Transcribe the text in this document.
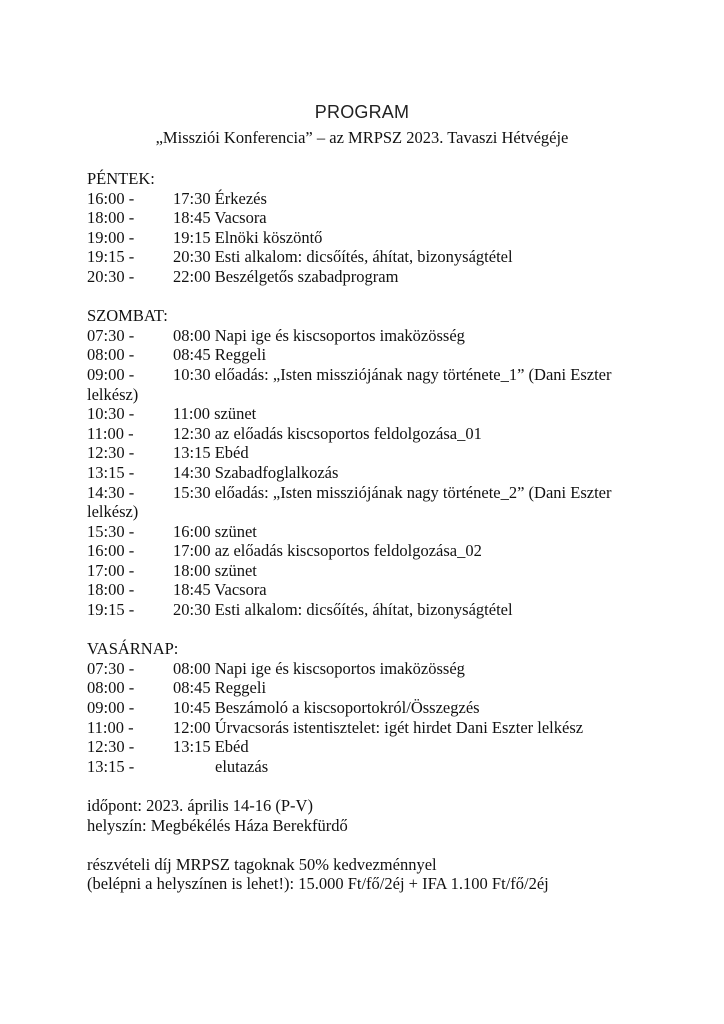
PROGRAM
„Missziói Konferencia” – az MRPSZ 2023. Tavaszi Hétvégéje
PÉNTEK:
16:00 - 17:30 Érkezés
18:00 - 18:45 Vacsora
19:00 - 19:15 Elnöki köszöntő
19:15 - 20:30 Esti alkalom: dicsőítés, áhítat, bizonyságtétel
20:30 - 22:00 Beszélgetős szabadprogram
SZOMBAT:
07:30 - 08:00 Napi ige és kiscsoportos imaközösség
08:00 - 08:45 Reggeli
09:00 - 10:30 előadás: „Isten missziójának nagy története_1” (Dani Eszter
lelkész)
10:30 - 11:00 szünet
11:00 - 12:30 az előadás kiscsoportos feldolgozása_01
12:30 - 13:15 Ebéd
13:15 - 14:30 Szabadfoglalkozás
14:30 - 15:30 előadás: „Isten missziójának nagy története_2” (Dani Eszter
lelkész)
15:30 - 16:00 szünet
16:00 - 17:00 az előadás kiscsoportos feldolgozása_02
17:00 - 18:00 szünet
18:00 - 18:45 Vacsora
19:15 - 20:30 Esti alkalom: dicsőítés, áhítat, bizonyságtétel
VASÁRNAP:
07:30 - 08:00 Napi ige és kiscsoportos imaközösség
08:00 - 08:45 Reggeli
09:00 - 10:45 Beszámoló a kiscsoportokról/Összegzés
11:00 - 12:00 Úrvacsorás istentisztelet: igét hirdet Dani Eszter lelkész
12:30 - 13:15 Ebéd
13:15 -	elutazás
időpont: 2023. április 14-16 (P-V)
helyszín: Megbékélés Háza Berekfürdő
részvételi díj MRPSZ tagoknak 50% kedvezménnyel
(belépni a helyszínen is lehet!): 15.000 Ft/fő/2éj + IFA 1.100 Ft/fő/2éj
